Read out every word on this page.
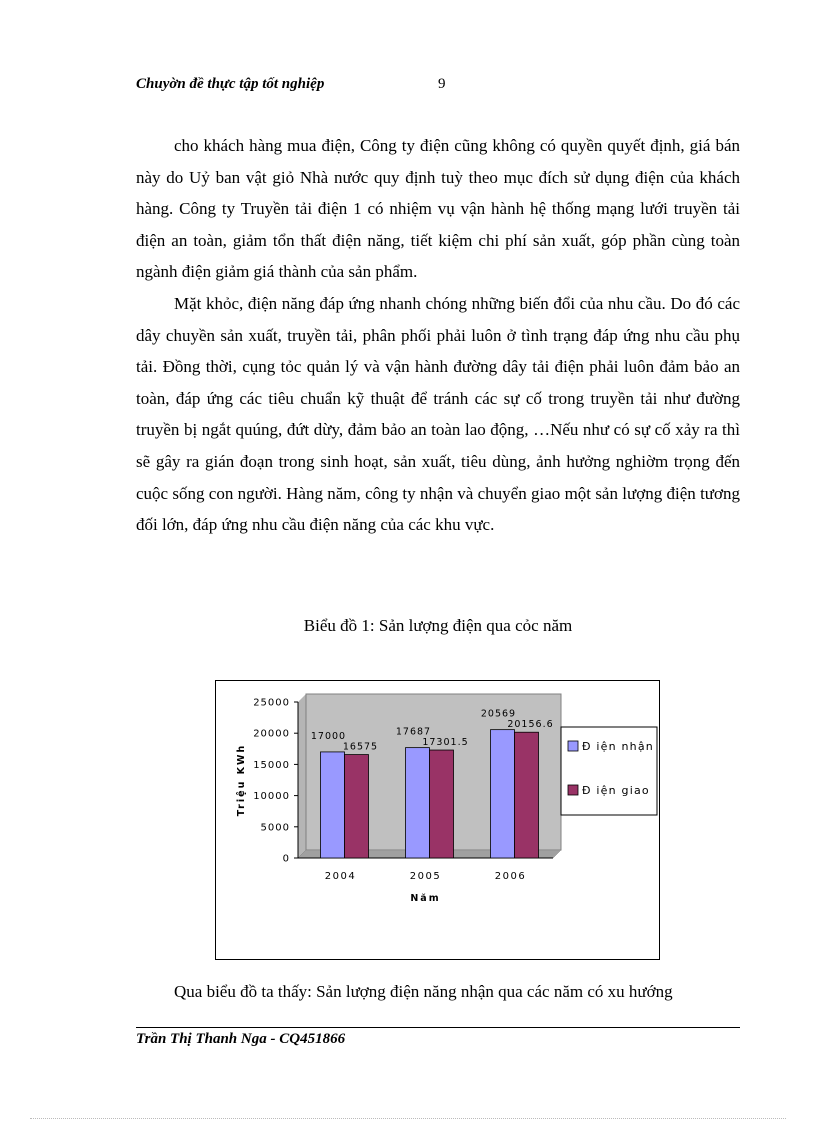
Chuyờn đề thực tập tốt nghiệp	9

cho khách hàng mua điện, Công ty điện cũng không có quyền quyết định, giá bán này do Uỷ ban vật giỏ Nhà nước quy định tuỳ theo mục đích sử dụng điện của khách hàng. Công ty Truyền tải điện 1 có nhiệm vụ vận hành hệ thống mạng lưới truyền tải điện an toàn, giảm tổn thất điện năng, tiết kiệm chi phí sản xuất, góp phần cùng toàn ngành điện giảm giá thành của sản phẩm.

Mặt khỏc, điện năng đáp ứng nhanh chóng những biến đổi của nhu cầu. Do đó các dây chuyền sản xuất, truyền tải, phân phối phải luôn ở tình trạng đáp ứng nhu cầu phụ tải. Đồng thời, cụng tỏc quản lý và vận hành đường dây tải điện phải luôn đảm bảo an toàn, đáp ứng các tiêu chuẩn kỹ thuật để tránh các sự cố trong truyền tải như đường truyền bị ngắt quúng, đứt dừy, đảm bảo an toàn lao động, …Nếu như có sự cố xảy ra thì sẽ gây ra gián đoạn trong sinh hoạt, sản xuất, tiêu dùng, ảnh hưởng nghiờm trọng đến cuộc sống con người. Hàng năm, công ty nhận và chuyển giao một sản lượng điện tương đối lớn, đáp ứng nhu cầu điện năng của các khu vực.

Biểu đồ 1: Sản lượng điện qua cỏc năm
0
5000
10000
15000
20000
25000
17000
16575
2004
17687
17301.5
2005
20569
20156.6
2006
Năm
Triệu KWh	Đ iện nhận
Đ iện giao
Qua biểu đồ ta thấy: Sản lượng điện năng nhận qua các năm có xu hướng
Trần Thị Thanh Nga - CQ451866
